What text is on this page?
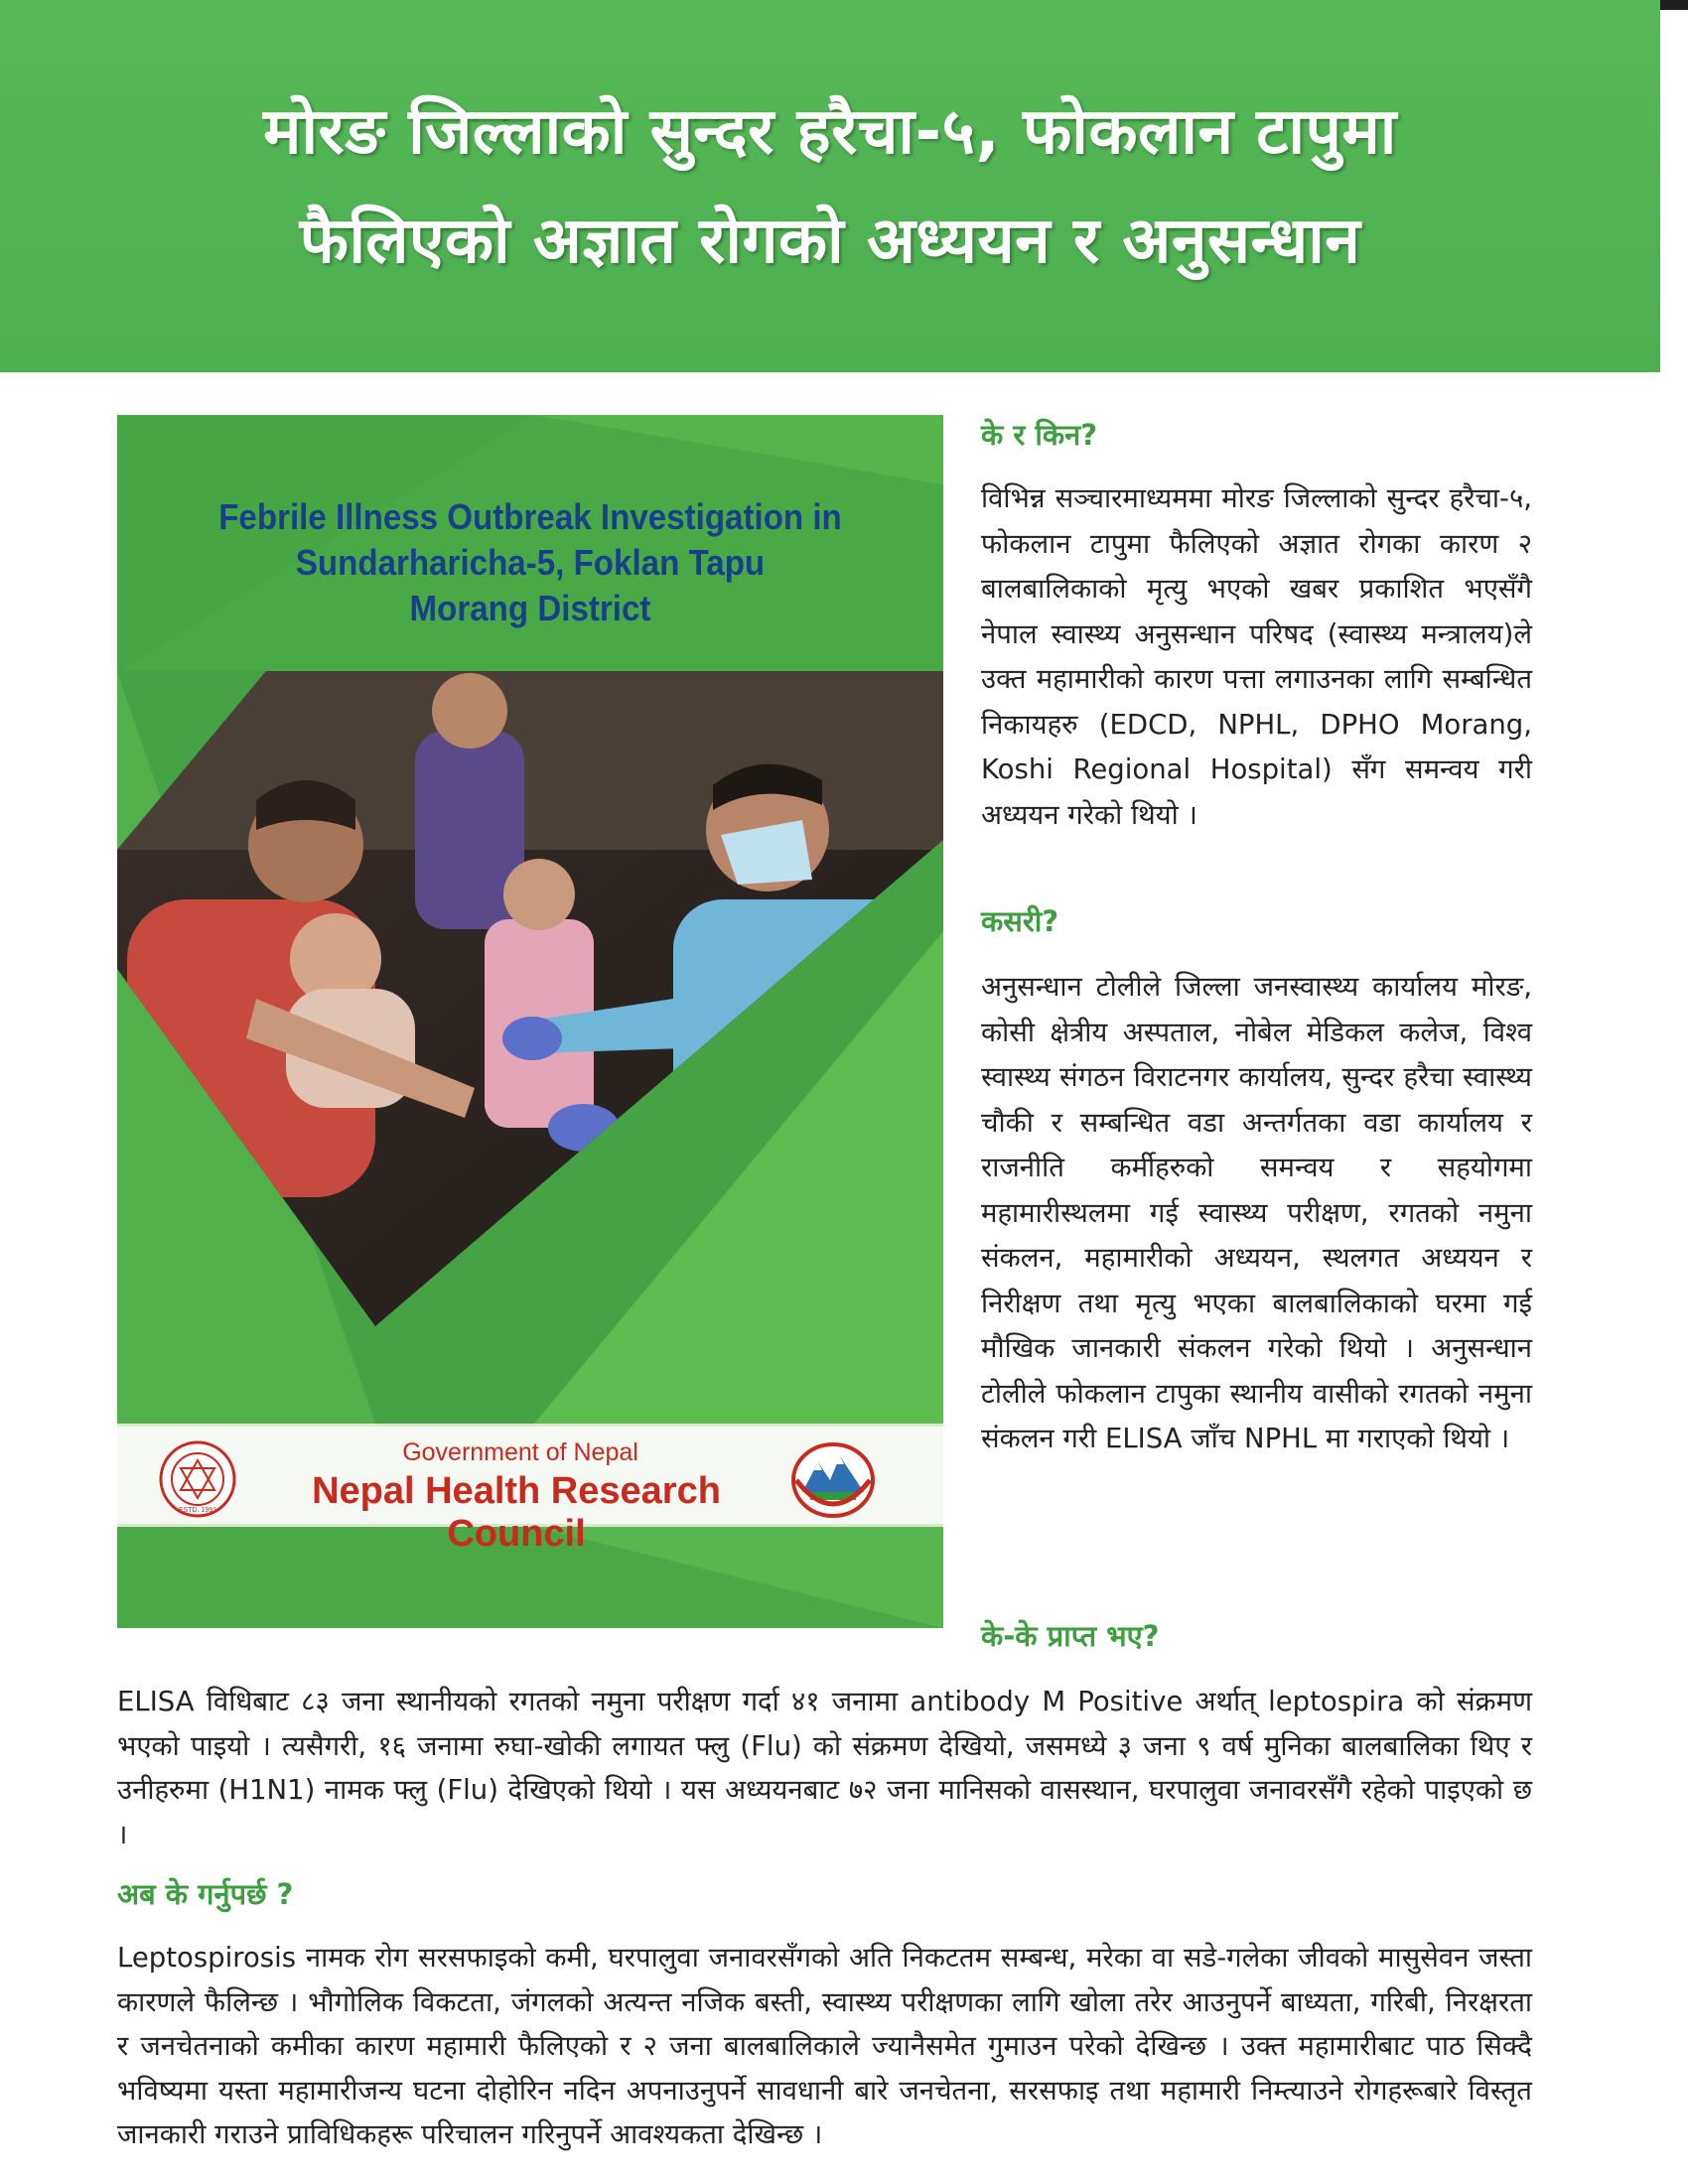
मोरङ जिल्लाको सुन्दर हरैचा-५, फोकलान टापुमा
फैलिएको अज्ञात रोगको अध्ययन र अनुसन्धान
Febrile Illness Outbreak Investigation in
Sundarharicha-5, Foklan Tapu
Morang District
ESTD. 1991
Government of Nepal
Nepal Health Research Council
के र किन?

विभिन्न सञ्चारमाध्यममा मोरङ जिल्लाको सुन्दर हरैचा-५, फोकलान टापुमा फैलिएको अज्ञात रोगका कारण २ बालबालिकाको मृत्यु भएको खबर प्रकाशित भएसँगै नेपाल स्वास्थ्य अनुसन्धान परिषद (स्वास्थ्य मन्त्रालय)ले उक्त महामारीको कारण पत्ता लगाउनका लागि सम्बन्धित निकायहरु (EDCD, NPHL, DPHO Morang, Koshi Regional Hospital) सँग समन्वय गरी अध्ययन गरेको थियो ।

कसरी?

अनुसन्धान टोलीले जिल्ला जनस्वास्थ्य कार्यालय मोरङ, कोसी क्षेत्रीय अस्पताल, नोबेल मेडिकल कलेज, विश्व स्वास्थ्य संगठन विराटनगर कार्यालय, सुन्दर हरैचा स्वास्थ्य चौकी र सम्बन्धित वडा अन्तर्गतका वडा कार्यालय र राजनीति कर्मीहरुको समन्वय र सहयोगमा महामारीस्थलमा गई स्वास्थ्य परीक्षण, रगतको नमुना संकलन, महामारीको अध्ययन, स्थलगत अध्ययन र निरीक्षण तथा मृत्यु भएका बालबालिकाको घरमा गई मौखिक जानकारी संकलन गरेको थियो । अनुसन्धान टोलीले फोकलान टापुका स्थानीय वासीको रगतको नमुना संकलन गरी ELISA जाँच NPHL मा गराएको थियो ।

के-के प्राप्त भए?

ELISA विधिबाट ८३ जना स्थानीयको रगतको नमुना परीक्षण गर्दा ४१ जनामा antibody M Positive अर्थात् leptospira को संक्रमण भएको पाइयो । त्यसैगरी, १६ जनामा रुघा-खोकी लगायत फ्लु (Flu) को संक्रमण देखियो, जसमध्ये ३ जना ९ वर्ष मुनिका बालबालिका थिए र उनीहरुमा (H1N1) नामक फ्लु (Flu) देखिएको थियो । यस अध्ययनबाट ७२ जना मानिसको वासस्थान, घरपालुवा जनावरसँगै रहेको पाइएको छ ।

अब के गर्नुपर्छ ?

Leptospirosis नामक रोग सरसफाइको कमी, घरपालुवा जनावरसँगको अति निकटतम सम्बन्ध, मरेका वा सडे-गलेका जीवको मासुसेवन जस्ता कारणले फैलिन्छ । भौगोलिक विकटता, जंगलको अत्यन्त नजिक बस्ती, स्वास्थ्य परीक्षणका लागि खोला तरेर आउनुपर्ने बाध्यता, गरिबी, निरक्षरता र जनचेतनाको कमीका कारण महामारी फैलिएको र २ जना बालबालिकाले ज्यानैसमेत गुमाउन परेको देखिन्छ । उक्त महामारीबाट पाठ सिक्दै भविष्यमा यस्ता महामारीजन्य घटना दोहोरिन नदिन अपनाउनुपर्ने सावधानी बारे जनचेतना, सरसफाइ तथा महामारी निम्त्याउने रोगहरूबारे विस्तृत जानकारी गराउने प्राविधिकहरू परिचालन गरिनुपर्ने आवश्यकता देखिन्छ ।
